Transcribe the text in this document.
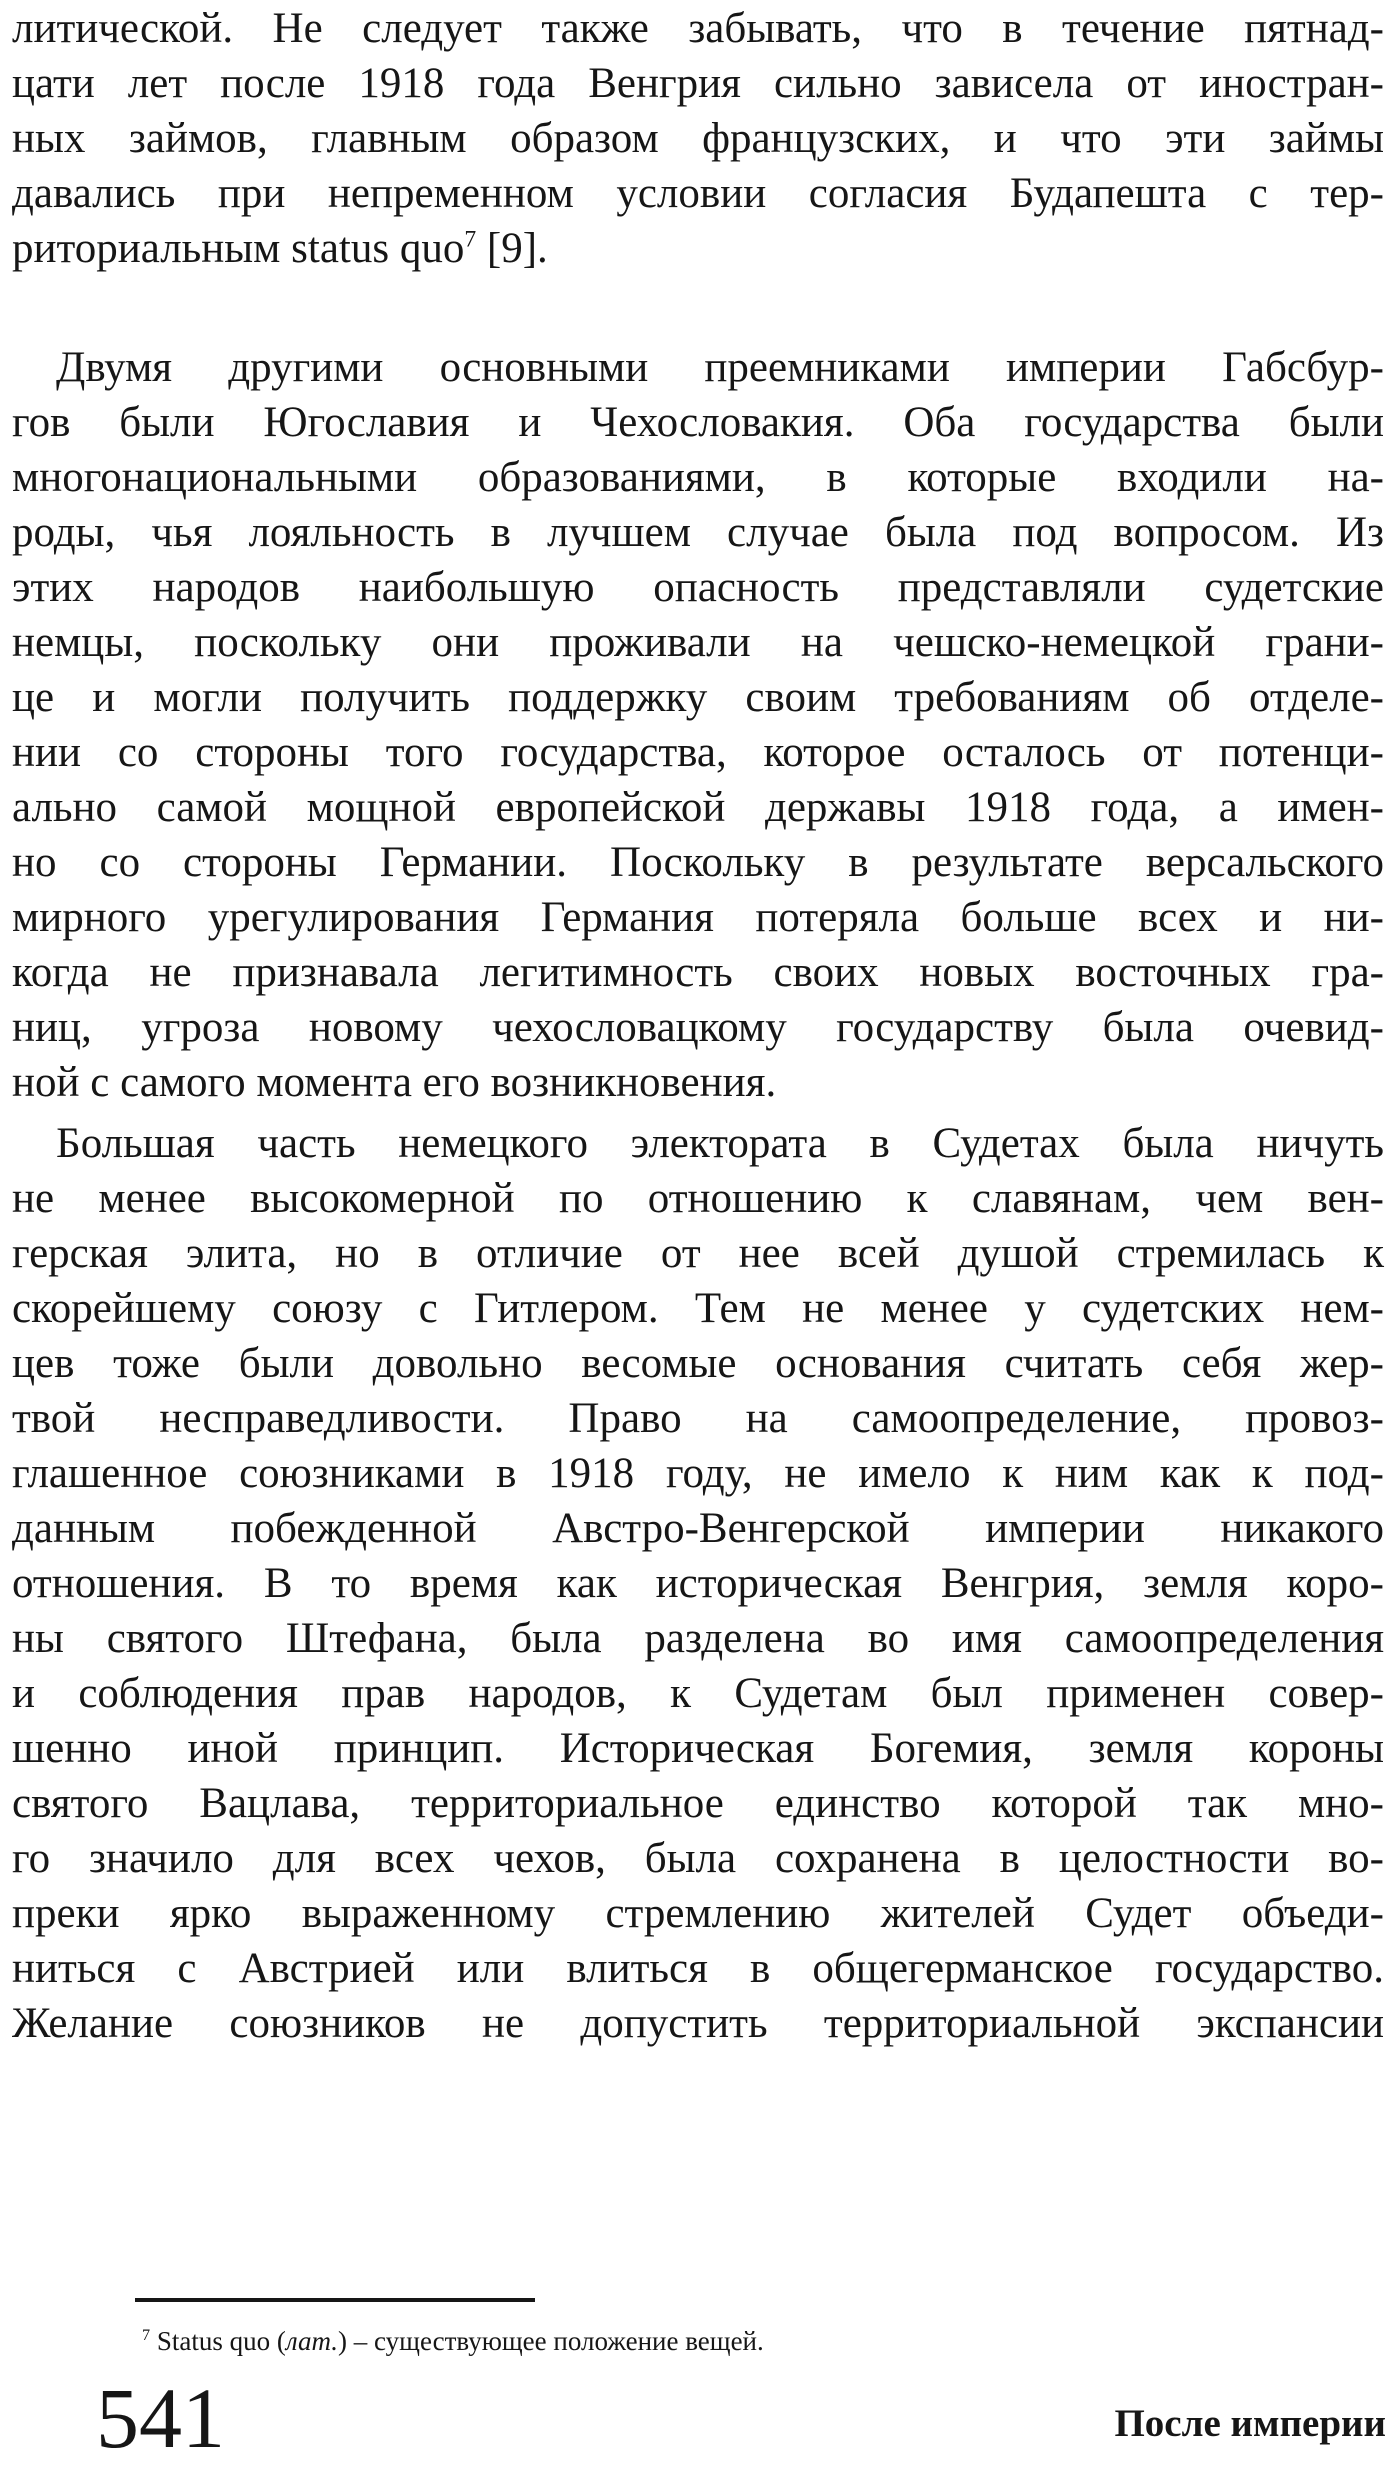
литической. Не следует также забывать, что в течение пятнад-
цати лет после 1918 года Венгрия сильно зависела от иностран-
ных займов, главным образом французских, и что эти займы
давались при непременном условии согласия Будапешта с тер-
риториальным status quo$^7$ [9].
Двумя другими основными преемниками империи Габсбур-
гов были Югославия и Чехословакия. Оба государства были
многонациональными образованиями, в которые входили на-
роды, чья лояльность в лучшем случае была под вопросом. Из
этих народов наибольшую опасность представляли судетские
немцы, поскольку они проживали на чешско-немецкой грани-
це и могли получить поддержку своим требованиям об отделе-
нии со стороны того государства, которое осталось от потенци-
ально самой мощной европейской державы 1918 года, а имен-
но со стороны Германии. Поскольку в результате версальского
мирного урегулирования Германия потеряла больше всех и ни-
когда не признавала легитимность своих новых восточных гра-
ниц, угроза новому чехословацкому государству была очевид-
ной с самого момента его возникновения.
Большая часть немецкого электората в Судетах была ничуть
не менее высокомерной по отношению к славянам, чем вен-
герская элита, но в отличие от нее всей душой стремилась к
скорейшему союзу с Гитлером. Тем не менее у судетских нем-
цев тоже были довольно весомые основания считать себя жер-
твой несправедливости. Право на самоопределение, провоз-
глашенное союзниками в 1918 году, не имело к ним как к под-
данным побежденной Австро-Венгерской империи никакого
отношения. В то время как историческая Венгрия, земля коро-
ны святого Штефана, была разделена во имя самоопределения
и соблюдения прав народов, к Судетам был применен совер-
шенно иной принцип. Историческая Богемия, земля короны
святого Вацлава, территориальное единство которой так мно-
го значило для всех чехов, была сохранена в целостности во-
преки ярко выраженному стремлению жителей Судет объеди-
ниться с Австрией или влиться в общегерманское государство.
Желание союзников не допустить территориальной экспансии
$^7$ Status quo (лат.) – существующее положение вещей.
541	После империи
